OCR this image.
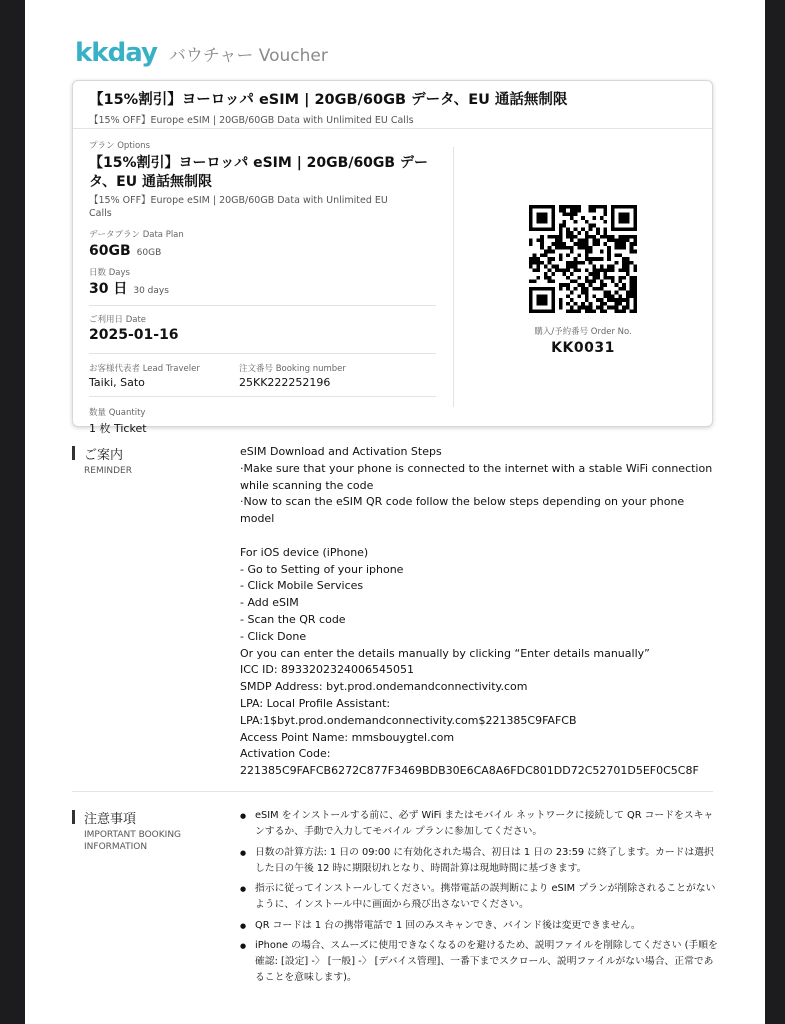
kkday バウチャー Voucher
【15%割引】ヨーロッパ eSIM | 20GB/60GB データ、EU 通話無制限
【15% OFF】Europe eSIM | 20GB/60GB Data with Unlimited EU Calls
プラン Options
【15%割引】ヨーロッパ eSIM | 20GB/60GB デー
タ、EU 通話無制限
【15% OFF】Europe eSIM | 20GB/60GB Data with Unlimited EU
Calls
データプラン Data Plan
60GB 60GB
日数 Days
30 日 30 days
ご利用日 Date
2025-01-16
お客様代表者 Lead Traveler
Taiki, Sato
注文番号 Booking number
25KK222252196
数量 Quantity
1 枚 Ticket
購入/予約番号 Order No.
KK0031
ご案内
REMINDER
eSIM Download and Activation Steps
·Make sure that your phone is connected to the internet with a stable WiFi connection while scanning the code
·Now to scan the eSIM QR code follow the below steps depending on your phone model

For iOS device (iPhone)
- Go to Setting of your iphone
- Click Mobile Services
- Add eSIM
- Scan the QR code
- Click Done
Or you can enter the details manually by clicking “Enter details manually”
ICC ID: 8933202324006545051
SMDP Address: byt.prod.ondemandconnectivity.com
LPA: Local Profile Assistant:
LPA:1$byt.prod.ondemandconnectivity.com$221385C9FAFCB
Access Point Name: mmsbouygtel.com
Activation Code:
221385C9FAFCB6272C877F3469BDB30E6CA8A6FDC801DD72C52701D5EF0C5C8F
注意事項
IMPORTANT BOOKING INFORMATION
● eSIM をインストールする前に、必ず WiFi またはモバイル ネットワークに接続して QR コードをスキャンするか、手動で入力してモバイル プランに参加してください。
● 日数の計算方法: 1 日の 09:00 に有効化された場合、初日は 1 日の 23:59 に終了します。カードは選択した日の午後 12 時に期限切れとなり、時間計算は現地時間に基づきます。
● 指示に従ってインストールしてください。携帯電話の誤判断により eSIM プランが削除されることがないように、インストール中に画面から飛び出さないでください。
● QR コードは 1 台の携帯電話で 1 回のみスキャンでき、バインド後は変更できません。
● iPhone の場合、スムーズに使用できなくなるのを避けるため、説明ファイルを削除してください (手順を確認: [設定] -〉 [一般] -〉 [デバイス管理]、一番下までスクロール、説明ファイルがない場合、正常であることを意味します)。
